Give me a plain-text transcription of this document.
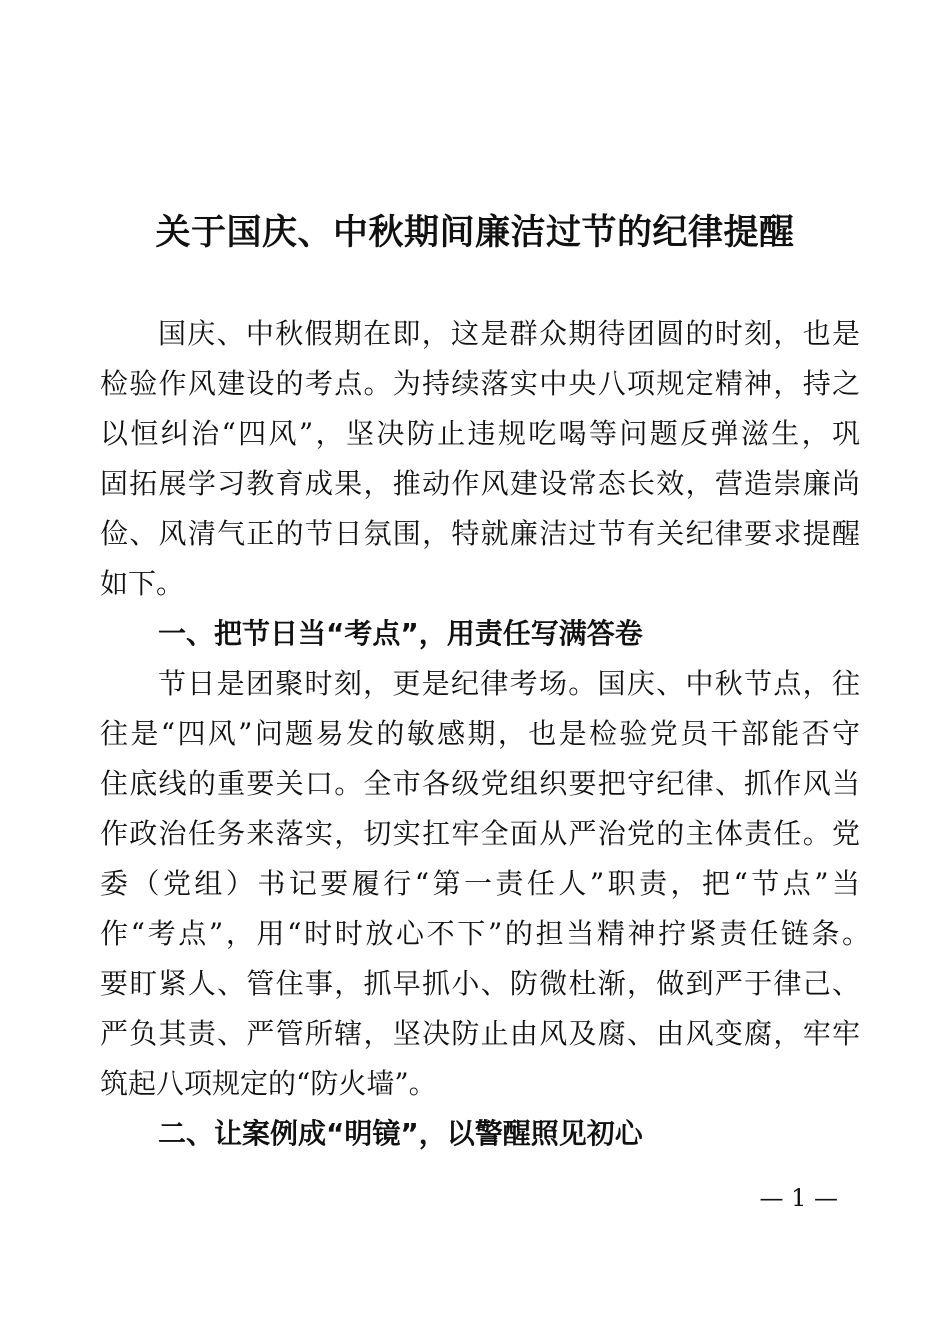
关于国庆、中秋期间廉洁过节的纪律提醒

国庆、中秋假期在即，这是群众期待团圆的时刻，也是

检验作风建设的考点。为持续落实中央八项规定精神，持之

以恒纠治“四风”，坚决防止违规吃喝等问题反弹滋生，巩

固拓展学习教育成果，推动作风建设常态长效，营造崇廉尚

俭、风清气正的节日氛围，特就廉洁过节有关纪律要求提醒

如下。

一、把节日当“考点”，用责任写满答卷

节日是团聚时刻，更是纪律考场。国庆、中秋节点，往

往是“四风”问题易发的敏感期，也是检验党员干部能否守

住底线的重要关口。全市各级党组织要把守纪律、抓作风当

作政治任务来落实，切实扛牢全面从严治党的主体责任。党

委（党组）书记要履行“第一责任人”职责，把“节点”当

作“考点”，用“时时放心不下”的担当精神拧紧责任链条。

要盯紧人、管住事，抓早抓小、防微杜渐，做到严于律己、

严负其责、严管所辖，坚决防止由风及腐、由风变腐，牢牢

筑起八项规定的“防火墙”。

二、让案例成“明镜”，以警醒照见初心
— 1 —
